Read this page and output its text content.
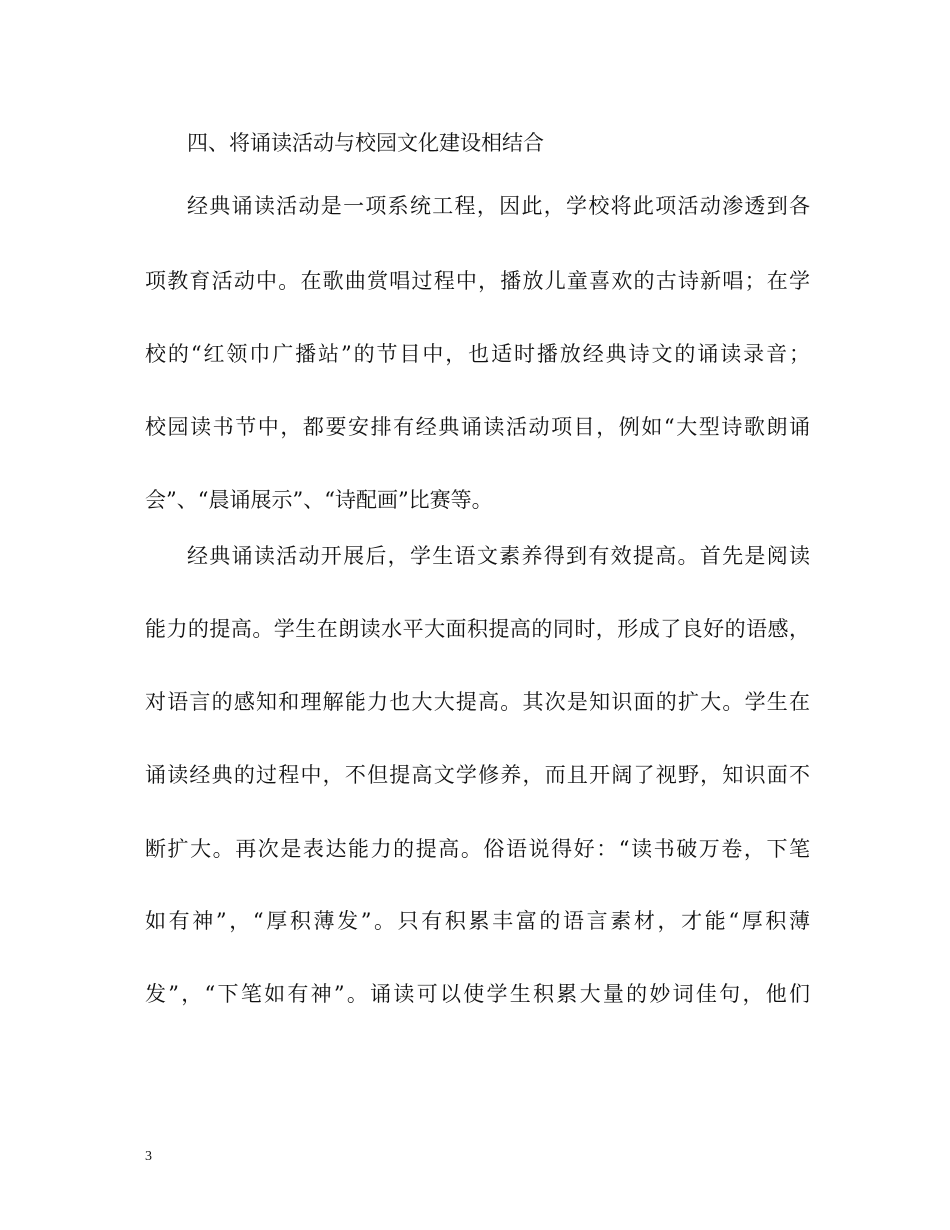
四、将诵读活动与校园文化建设相结合
经典诵读活动是一项系统工程，因此，学校将此项活动渗透到各
项教育活动中。在歌曲赏唱过程中，播放儿童喜欢的古诗新唱；在学
校的“红领巾广播站”的节目中，也适时播放经典诗文的诵读录音；
校园读书节中，都要安排有经典诵读活动项目，例如“大型诗歌朗诵
会”、“晨诵展示”、“诗配画”比赛等。
经典诵读活动开展后，学生语文素养得到有效提高。首先是阅读
能力的提高。学生在朗读水平大面积提高的同时，形成了良好的语感，
对语言的感知和理解能力也大大提高。其次是知识面的扩大。学生在
诵读经典的过程中，不但提高文学修养，而且开阔了视野，知识面不
断扩大。再次是表达能力的提高。俗语说得好：“读书破万卷，下笔
如有神”，“厚积薄发”。只有积累丰富的语言素材，才能“厚积薄
发”，“下笔如有神”。诵读可以使学生积累大量的妙词佳句，他们
3
